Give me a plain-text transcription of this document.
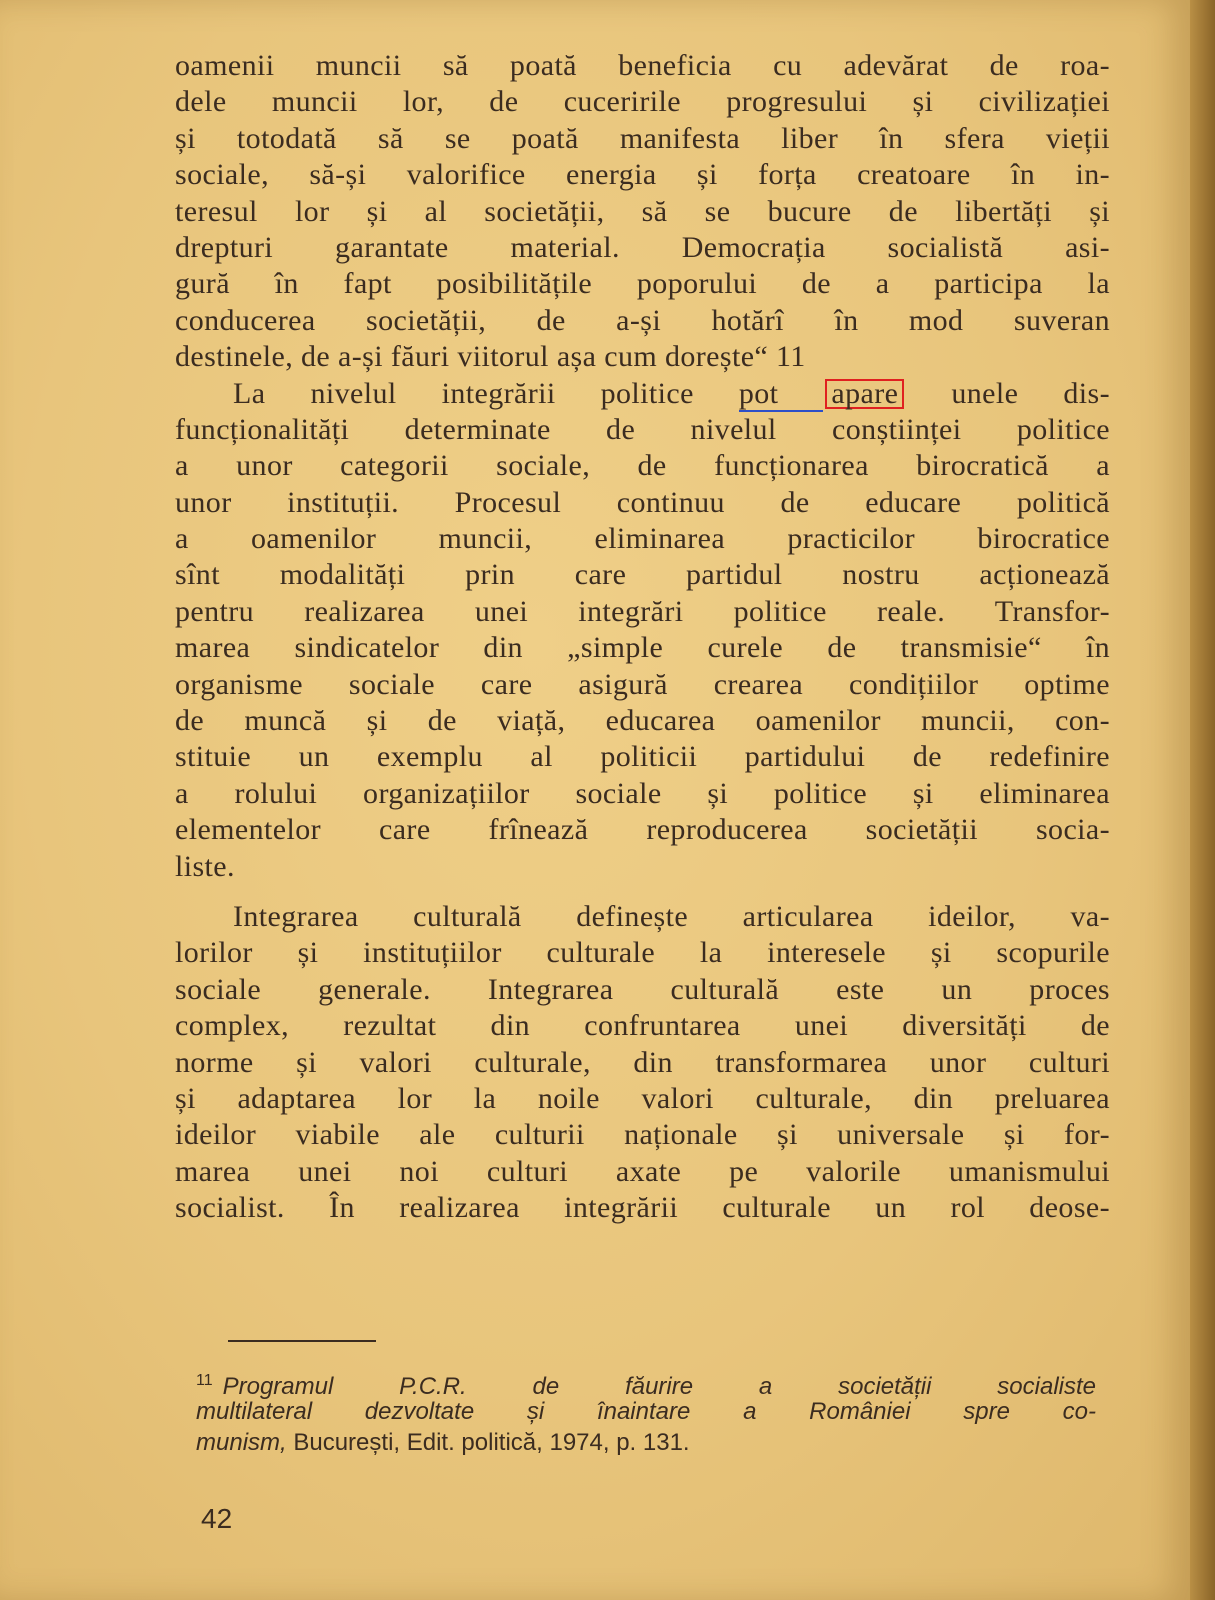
oamenii muncii să poată beneficia cu adevărat de roa-
dele muncii lor, de cuceririle progresului și civilizației
și totodată să se poată manifesta liber în sfera vieții
sociale, să-și valorifice energia și forța creatoare în in-
teresul lor și al societății, să se bucure de libertăți și
drepturi garantate material. Democrația socialistă asi-
gură în fapt posibilitățile poporului de a participa la
conducerea societății, de a-și hotărî în mod suveran
destinele, de a-și făuri viitorul așa cum dorește“ 11
La nivelul integrării politice pot apare unele dis-
funcționalități determinate de nivelul conștiinței politice
a unor categorii sociale, de funcționarea birocratică a
unor instituții. Procesul continuu de educare politică
a oamenilor muncii, eliminarea practicilor birocratice
sînt modalități prin care partidul nostru acționează
pentru realizarea unei integrări politice reale. Transfor-
marea sindicatelor din „simple curele de transmisie“ în
organisme sociale care asigură crearea condițiilor optime
de muncă și de viață, educarea oamenilor muncii, con-
stituie un exemplu al politicii partidului de redefinire
a rolului organizațiilor sociale și politice și eliminarea
elementelor care frînează reproducerea societății socia-
liste.
Integrarea culturală definește articularea ideilor, va-
lorilor și instituțiilor culturale la interesele și scopurile
sociale generale. Integrarea culturală este un proces
complex, rezultat din confruntarea unei diversități de
norme și valori culturale, din transformarea unor culturi
și adaptarea lor la noile valori culturale, din preluarea
ideilor viabile ale culturii naționale și universale și for-
marea unei noi culturi axate pe valorile umanismului
socialist. În realizarea integrării culturale un rol deose-
$^{11}$ Programul P.C.R. de făurire a societății socialiste
multilateral dezvoltate și înaintare a României spre co-
munism, București, Edit. politică, 1974, p. 131.
42
